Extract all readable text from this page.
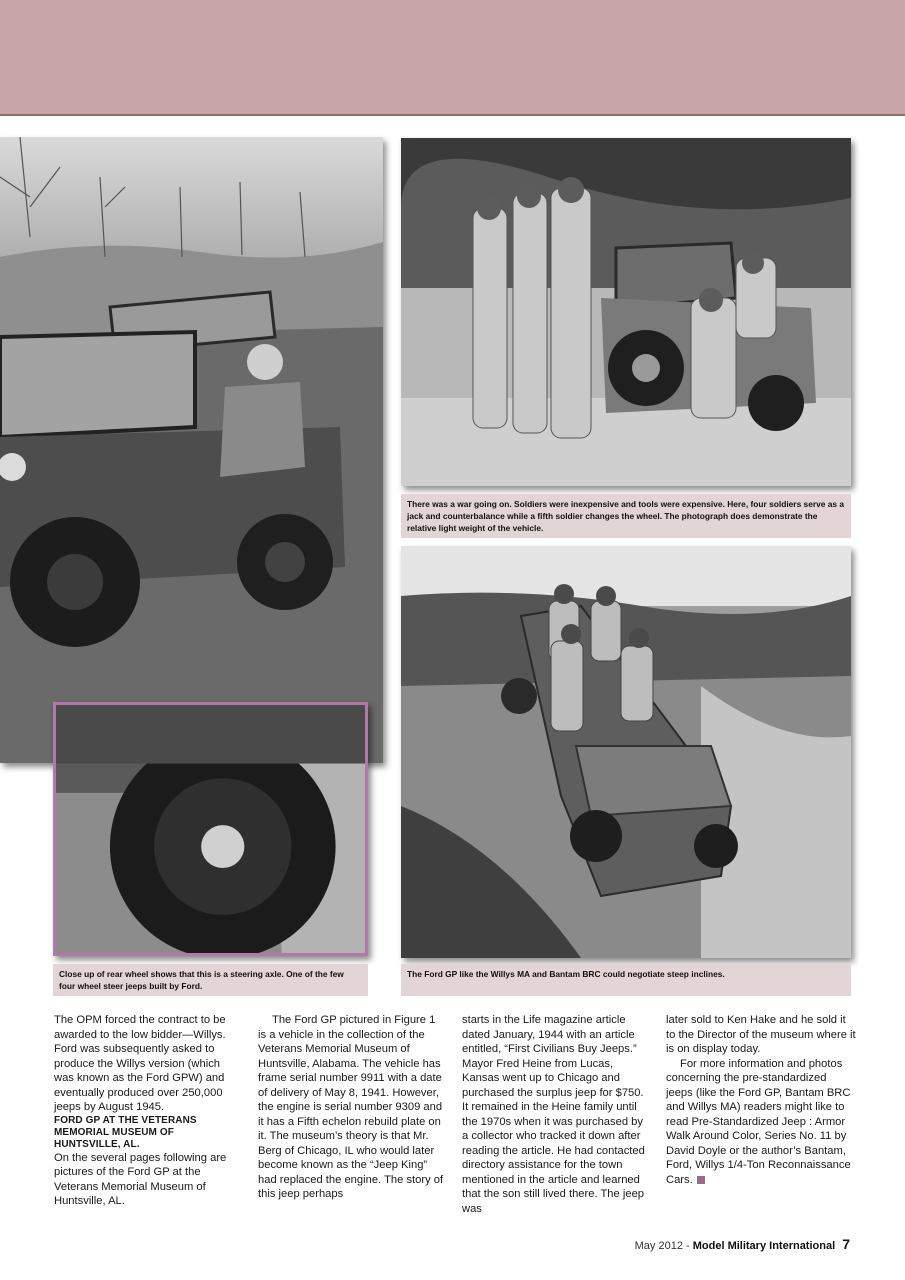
There was a war going on. Soldiers were inexpensive and tools were expensive. Here, four soldiers serve as a jack and counterbalance while a fifth soldier changes the wheel. The photograph does demonstrate the relative light weight of the vehicle.
Close up of rear wheel shows that this is a steering axle. One of the few four wheel steer jeeps built by Ford.
The Ford GP like the Willys MA and Bantam BRC could negotiate steep inclines.

The OPM forced the contract to be awarded to the low bidder—Willys. Ford was subsequently asked to produce the Willys version (which was known as the Ford GPW) and eventually produced over 250,000 jeeps by August 1945.

FORD GP AT THE VETERANS MEMORIAL MUSEUM OF HUNTSVILLE, AL.

On the several pages following are pictures of the Ford GP at the Veterans Memorial Museum of Huntsville, AL.

The Ford GP pictured in Figure 1 is a vehicle in the collection of the Veterans Memorial Museum of Huntsville, Alabama. The vehicle has frame serial number 9911 with a date of delivery of May 8, 1941. However, the engine is serial number 9309 and it has a Fifth echelon rebuild plate on it. The museum’s theory is that Mr. Berg of Chicago, IL who would later become known as the “Jeep King” had replaced the engine. The story of this jeep perhaps

starts in the Life magazine article dated January, 1944 with an article entitled, “First Civilians Buy Jeeps.” Mayor Fred Heine from Lucas, Kansas went up to Chicago and purchased the surplus jeep for $750. It remained in the Heine family until the 1970s when it was purchased by a collector who tracked it down after reading the article. He had contacted directory assistance for the town mentioned in the article and learned that the son still lived there. The jeep was

later sold to Ken Hake and he sold it to the Director of the museum where it is on display today.

For more information and photos concerning the pre-standardized jeeps (like the Ford GP, Bantam BRC and Willys MA) readers might like to read Pre-Standardized Jeep : Armor Walk Around Color, Series No. 11 by David Doyle or the author’s Bantam, Ford, Willys 1/4-Ton Reconnaissance Cars.

May 2012 - Model Military International 7
